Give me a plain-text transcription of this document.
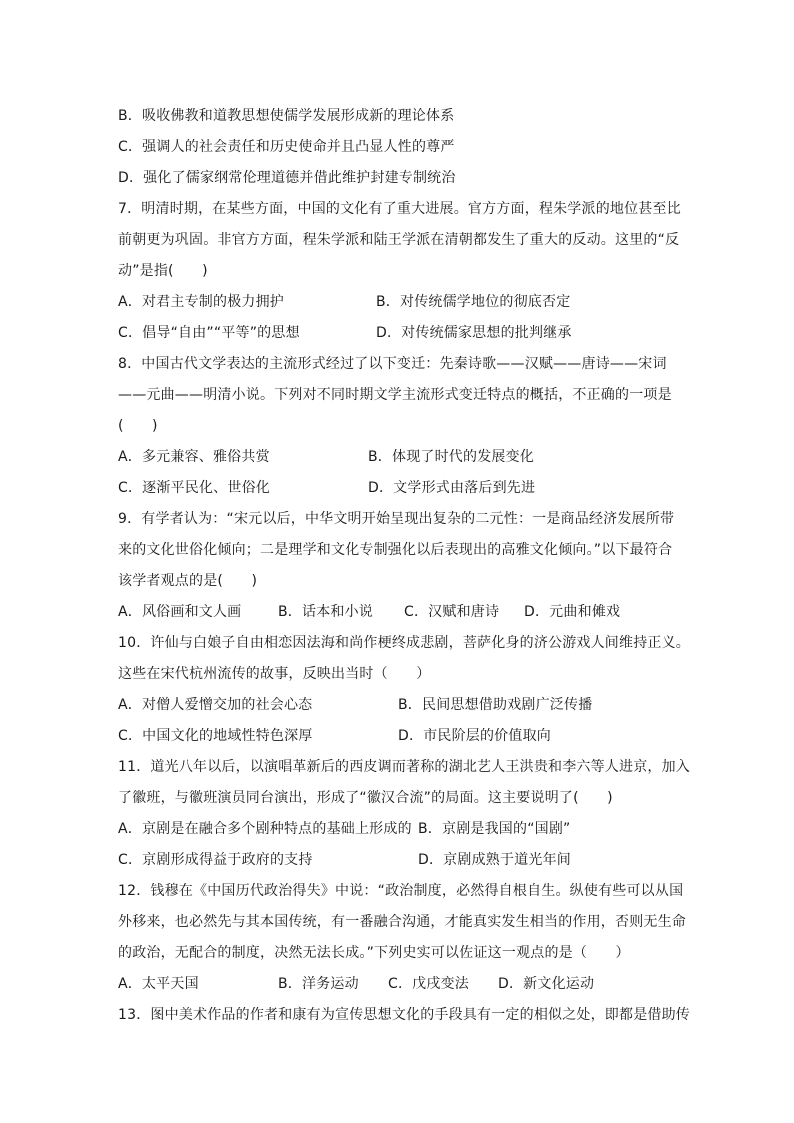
B．吸收佛教和道教思想使儒学发展形成新的理论体系
C．强调人的社会责任和历史使命并且凸显人性的尊严
D．强化了儒家纲常伦理道德并借此维护封建专制统治
7．明清时期，在某些方面，中国的文化有了重大进展。官方方面，程朱学派的地位甚至比
前朝更为巩固。非官方方面，程朱学派和陆王学派在清朝都发生了重大的反动。这里的“反
动”是指(　　)
A．对君主专制的极力拥护	B．对传统儒学地位的彻底否定
C．倡导“自由”“平等”的思想	D．对传统儒家思想的批判继承
8．中国古代文学表达的主流形式经过了以下变迁：先秦诗歌——汉赋——唐诗——宋词
——元曲——明清小说。下列对不同时期文学主流形式变迁特点的概括，不正确的一项是
(　　)
A．多元兼容、雅俗共赏	B．体现了时代的发展变化
C．逐渐平民化、世俗化	D．文学形式由落后到先进
9．有学者认为：“宋元以后，中华文明开始呈现出复杂的二元性：一是商品经济发展所带
来的文化世俗化倾向；二是理学和文化专制强化以后表现出的高雅文化倾向。”以下最符合
该学者观点的是(　　)
A．风俗画和文人画	B．话本和小说 C．汉赋和唐诗 D．元曲和傩戏
10．许仙与白娘子自由相恋因法海和尚作梗终成悲剧，菩萨化身的济公游戏人间维持正义。
这些在宋代杭州流传的故事，反映出当时（　　）
A．对僧人爱憎交加的社会心态	B．民间思想借助戏剧广泛传播
C．中国文化的地域性特色深厚	D．市民阶层的价值取向
11．道光八年以后，以演唱革新后的西皮调而著称的湖北艺人王洪贵和李六等人进京，加入
了徽班，与徽班演员同台演出，形成了“徽汉合流”的局面。这主要说明了(　　)
A．京剧是在融合多个剧种特点的基础上形成的 B．京剧是我国的“国剧”
C．京剧形成得益于政府的支持	D．京剧成熟于道光年间
12．钱穆在《中国历代政治得失》中说：“政治制度，必然得自根自生。纵使有些可以从国
外移来，也必然先与其本国传统，有一番融合沟通，才能真实发生相当的作用，否则无生命
的政治，无配合的制度，决然无法长成。”下列史实可以佐证这一观点的是（　　）
A．太平天国	B．洋务运动 C．戊戌变法 D．新文化运动
13．图中美术作品的作者和康有为宣传思想文化的手段具有一定的相似之处，即都是借助传
